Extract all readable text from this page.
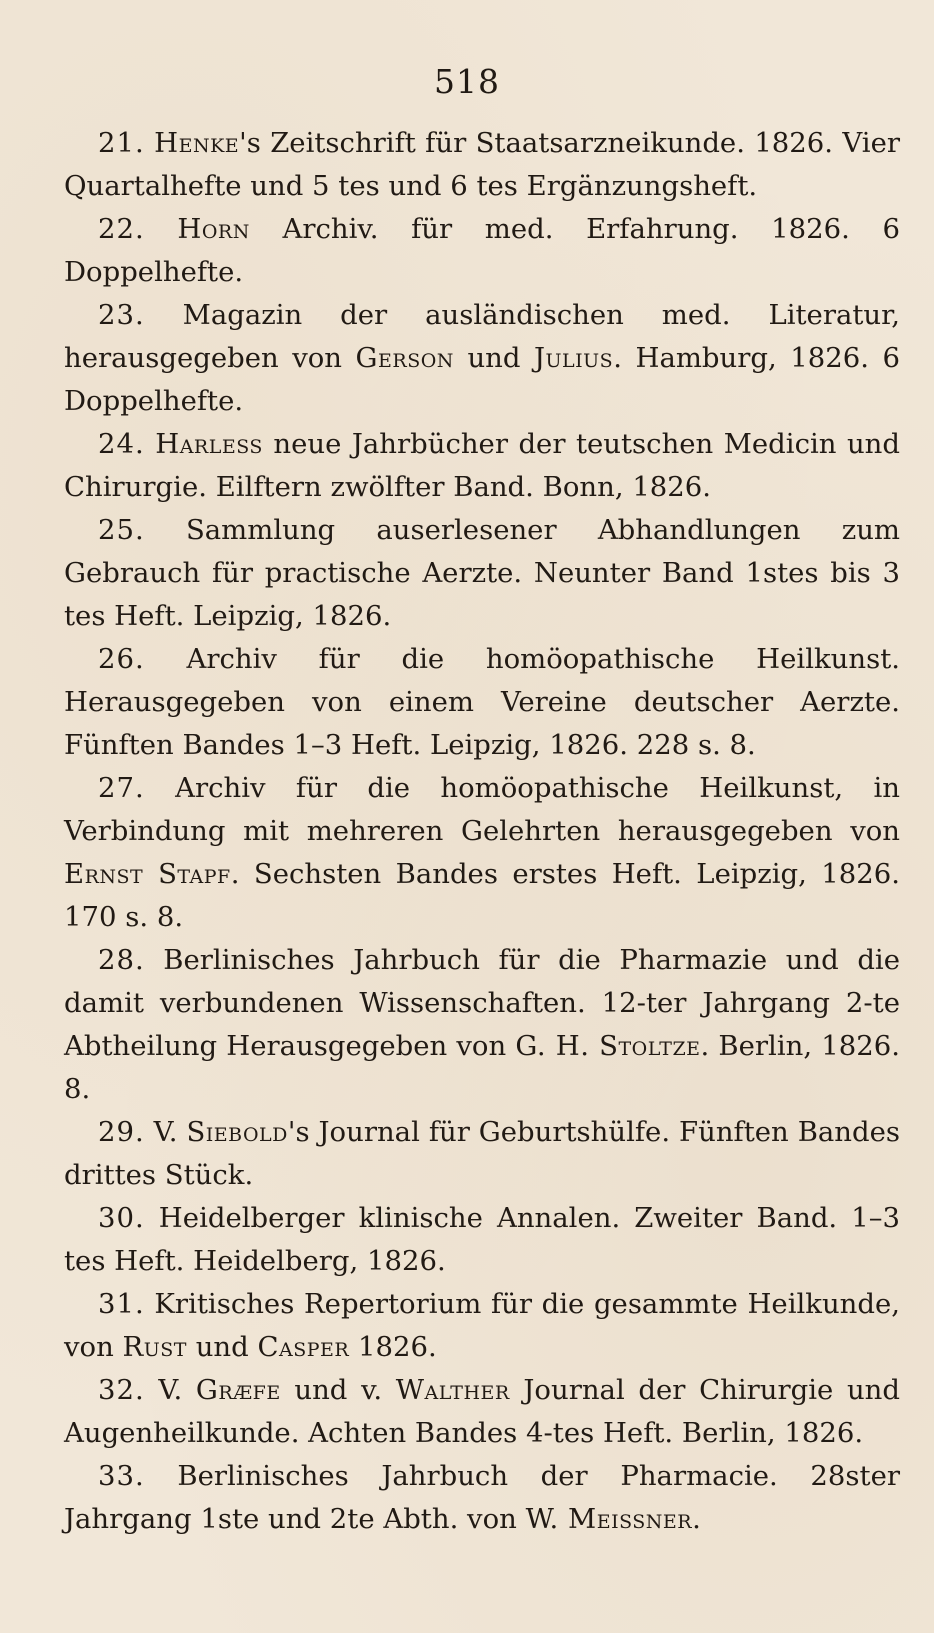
518

21. Henke's Zeitschrift für Staatsarzneikunde. 1826. Vier Quartalhefte und 5 tes und 6 tes Ergänzungsheft.

22. Horn Archiv. für med. Erfahrung. 1826. 6 Doppelhefte.

23. Magazin der ausländischen med. Literatur, herausgegeben von Gerson und Julius. Hamburg, 1826. 6 Doppelhefte.

24. Harless neue Jahrbücher der teutschen Medicin und Chirurgie. Eilftern zwölfter Band. Bonn, 1826.

25. Sammlung auserlesener Abhandlungen zum Gebrauch für practische Aerzte. Neunter Band 1stes bis 3 tes Heft. Leipzig, 1826.

26. Archiv für die homöopathische Heilkunst. Herausgegeben von einem Vereine deutscher Aerzte. Fünften Bandes 1–3 Heft. Leipzig, 1826. 228 s. 8.

27. Archiv für die homöopathische Heilkunst, in Verbindung mit mehreren Gelehrten herausgegeben von Ernst Stapf. Sechsten Bandes erstes Heft. Leipzig, 1826. 170 s. 8.

28. Berlinisches Jahrbuch für die Pharmazie und die damit verbundenen Wissenschaften. 12-ter Jahrgang 2-te Abtheilung Herausgegeben von G. H. Stoltze. Berlin, 1826. 8.

29. V. Siebold's Journal für Geburtshülfe. Fünften Bandes drittes Stück.

30. Heidelberger klinische Annalen. Zweiter Band. 1–3 tes Heft. Heidelberg, 1826.

31. Kritisches Repertorium für die gesammte Heilkunde, von Rust und Casper 1826.

32. V. Græfe und v. Walther Journal der Chirurgie und Augenheilkunde. Achten Bandes 4-tes Heft. Berlin, 1826.

33. Berlinisches Jahrbuch der Pharmacie. 28ster Jahrgang 1ste und 2te Abth. von W. Meissner.
